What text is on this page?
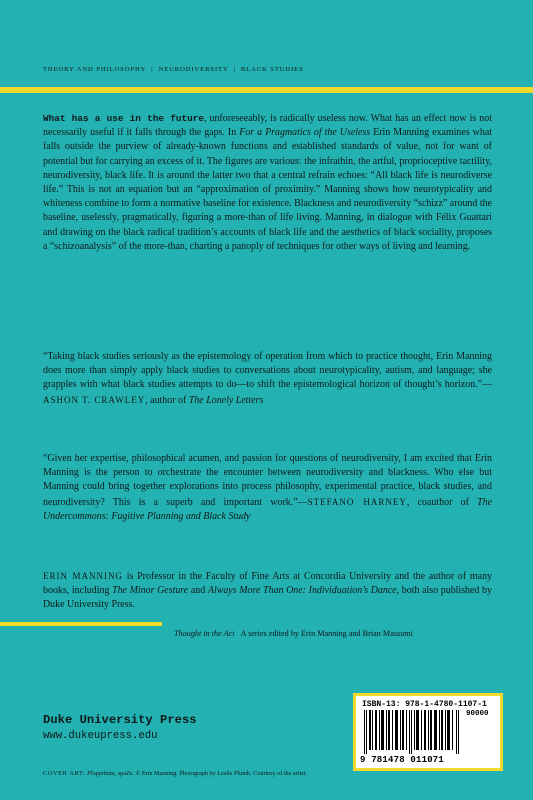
THEORY AND PHILOSOPHY | NEURODIVERSITY | BLACK STUDIES
What has a use in the future, unforeseeably, is radically useless now. What has an effect now is not necessarily useful if it falls through the gaps. In For a Pragmatics of the Useless Erin Manning examines what falls outside the purview of already-known functions and established standards of value, not for want of potential but for carrying an excess of it. The figures are various: the infrathin, the artful, proprioceptive tactility, neurodiversity, black life. It is around the latter two that a central refrain echoes: “All black life is neurodiverse life.” This is not an equation but an “approximation of proximity.” Manning shows how neurotypicality and whiteness combine to form a normative baseline for existence. Blackness and neurodiversity “schizz” around the baseline, uselessly, pragmatically, figuring a more-than of life living. Manning, in dialogue with Félix Guattari and drawing on the black radical tradition’s accounts of black life and the aesthetics of black sociality, proposes a “schizoanalysis” of the more-than, charting a panoply of techniques for other ways of living and learning.
“Taking black studies seriously as the epistemology of operation from which to practice thought, Erin Manning does more than simply apply black studies to conversations about neurotypicality, autism, and language; she grapples with what black studies attempts to do—to shift the epistemological horizon of thought’s horizon.”—ASHON T. CRAWLEY, author of The Lonely Letters
“Given her expertise, philosophical acumen, and passion for questions of neurodiversity, I am excited that Erin Manning is the person to orchestrate the encounter between neurodiversity and blackness. Who else but Manning could bring together explorations into process philosophy, experimental practice, black studies, and neurodiversity? This is a superb and important work.”—STEFANO HARNEY, coauthor of The Undercommons: Fugitive Planning and Black Study
ERIN MANNING is Professor in the Faculty of Fine Arts at Concordia University and the author of many books, including The Minor Gesture and Always More Than One: Individuation’s Dance, both also published by Duke University Press.
Thought in the Act A series edited by Erin Manning and Brian Massumi
Duke University Press
www.dukeupress.edu
ISBN-13: 978-1-4780-1107-1
90000
9 781478 011071
COVER ART: Ploppiñata, spaZe. © Erin Manning. Photograph by Leslie Plumb. Courtesy of the artist.
